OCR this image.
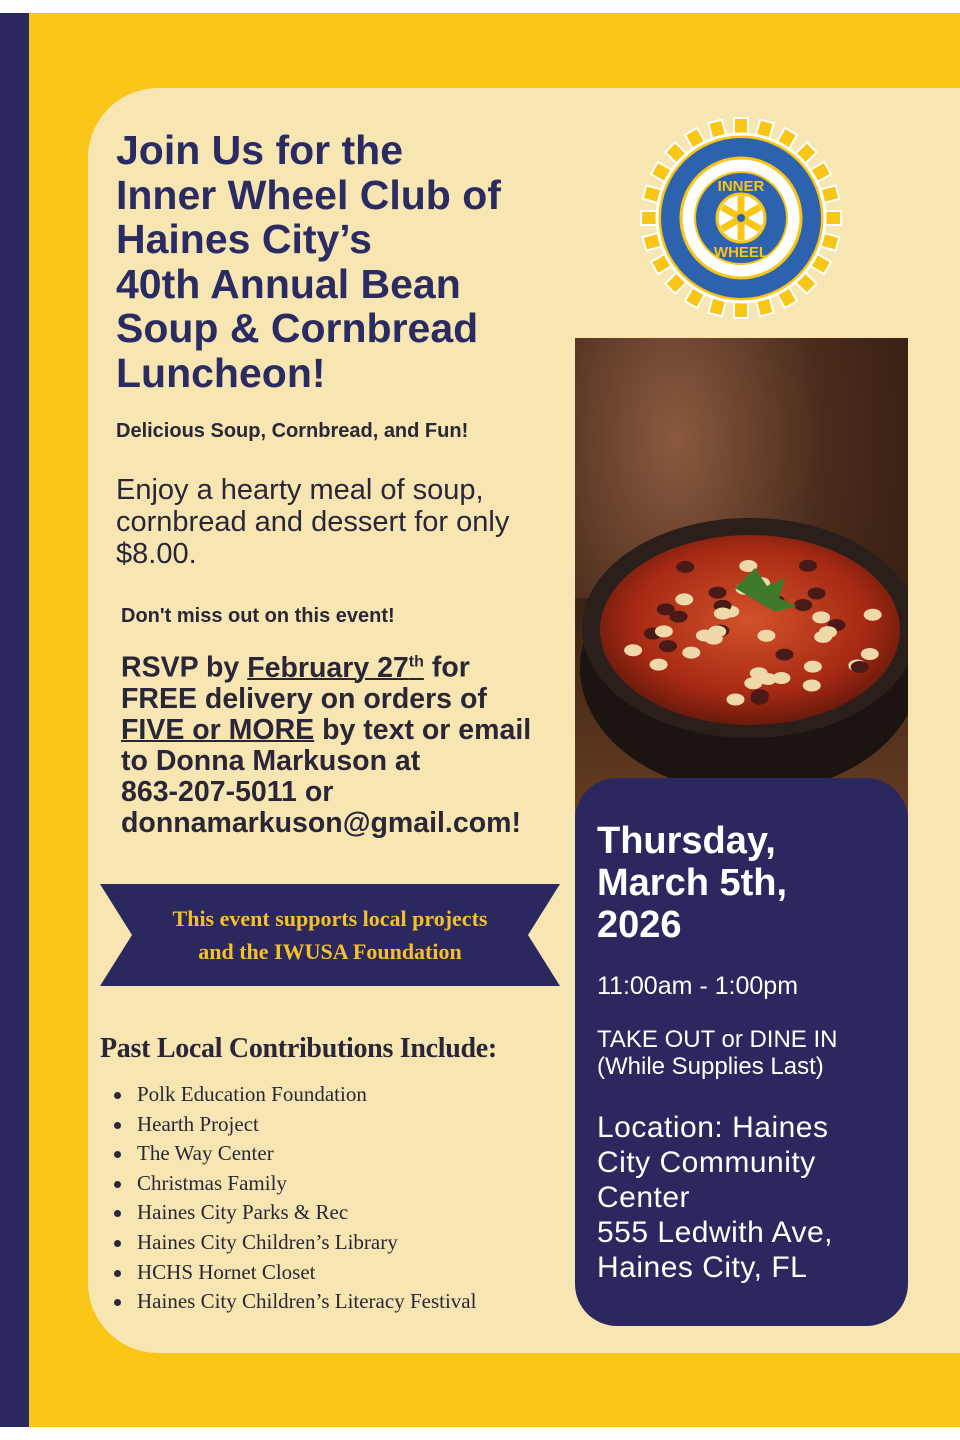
Join Us for the
Inner Wheel Club of
Haines City’s
40th Annual Bean
Soup & Cornbread
Luncheon!
Delicious Soup, Cornbread, and Fun!
Enjoy a hearty meal of soup, cornbread and dessert for only $8.00.
Don't miss out on this event!
RSVP by February 27th for
FREE delivery on orders of
FIVE or MORE by text or email
to Donna Markuson at
863-207-5011 or
donnamarkuson@gmail.com!
This event supports local projects
and the IWUSA Foundation
Past Local Contributions Include:
Polk Education Foundation
Hearth Project
The Way Center
Christmas Family
Haines City Parks & Rec
Haines City Children’s Library
HCHS Hornet Closet
Haines City Children’s Literacy Festival
INNER
WHEEL
Thursday,
March 5th,
2026
11:00am - 1:00pm
TAKE OUT or DINE IN
(While Supplies Last)
Location: Haines
City Community
Center
555 Ledwith Ave,
Haines City, FL
